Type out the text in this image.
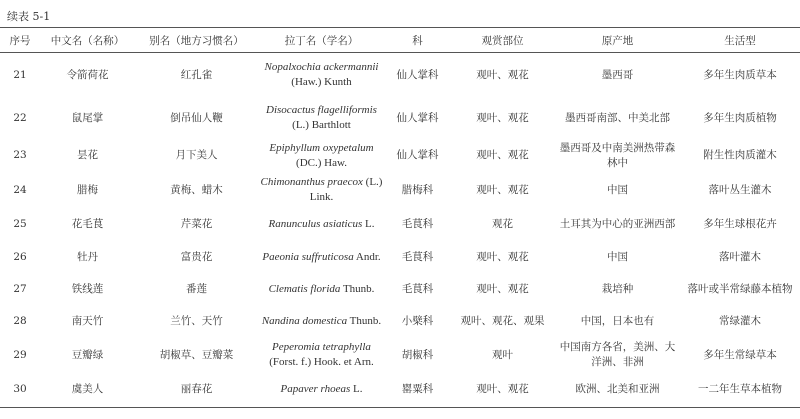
续表 5-1
序号	中文名（名称）	别名（地方习惯名）	拉丁名（学名）	科	观赏部位	原产地	生活型
21	令箭荷花	红孔雀	Nopalxochia ackermannii (Haw.) Kunth	仙人掌科	观叶、观花	墨西哥	多年生肉质草本
22	鼠尾掌	倒吊仙人鞭	Disocactus flagelliformis (L.) Barthlott	仙人掌科	观叶、观花	墨西哥南部、中美北部	多年生肉质植物
23	昙花	月下美人	Epiphyllum oxypetalum (DC.) Haw.	仙人掌科	观叶、观花	墨西哥及中南美洲热带森林中	附生性肉质灌木
24	腊梅	黄梅、蜡木	Chimonanthus praecox (L.) Link.	腊梅科	观叶、观花	中国	落叶丛生灌木
25	花毛茛	芹菜花	Ranunculus asiaticus L.	毛茛科	观花	土耳其为中心的亚洲西部	多年生球根花卉
26	牡丹	富贵花	Paeonia suffruticosa Andr.	毛茛科	观叶、观花	中国	落叶灌木
27	铁线莲	番莲	Clematis florida Thunb.	毛茛科	观叶、观花	栽培种	落叶或半常绿藤本植物
28	南天竹	兰竹、天竹	Nandina domestica Thunb.	小檗科	观叶、观花、观果	中国，日本也有	常绿灌木
29	豆瓣绿	胡椒草、豆瓣菜	Peperomia tetraphylla (Forst. f.) Hook. et Arn.	胡椒科	观叶	中国南方各省，美洲、大洋洲、非洲	多年生常绿草本
30	虞美人	丽春花	Papaver rhoeas L.	罂粟科	观叶、观花	欧洲、北美和亚洲	一二年生草本植物
